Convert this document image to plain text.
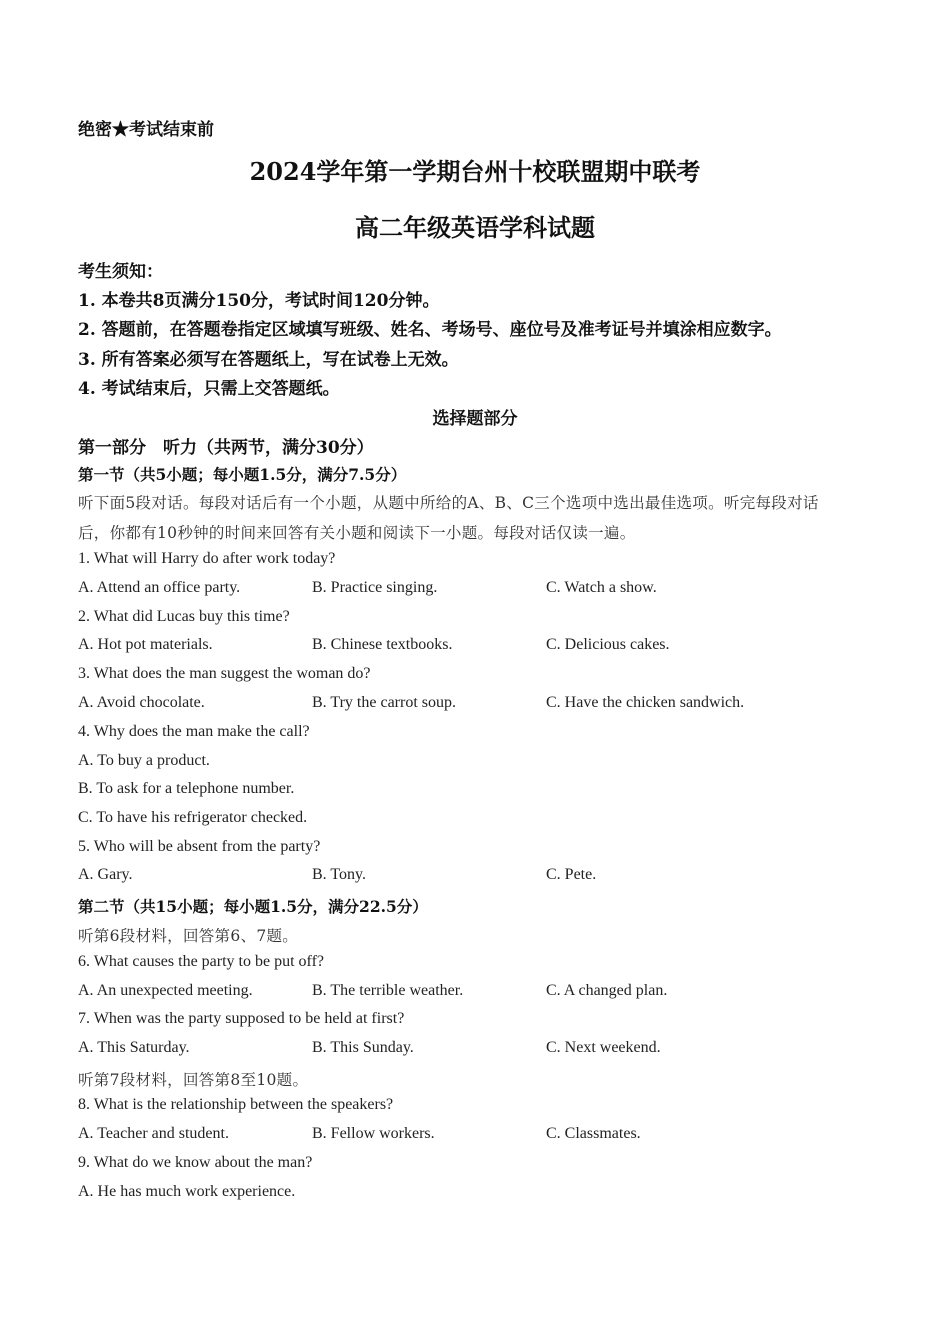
绝密★考试结束前
2024学年第一学期台州十校联盟期中联考
高二年级英语学科试题
考生须知：
1. 本卷共8页满分150分，考试时间120分钟。
2. 答题前，在答题卷指定区域填写班级、姓名、考场号、座位号及准考证号并填涂相应数字。
3. 所有答案必须写在答题纸上，写在试卷上无效。
4. 考试结束后，只需上交答题纸。
选择题部分
第一部分　听力（共两节，满分30分）
第一节（共5小题；每小题1.5分，满分7.5分）
听下面5段对话。每段对话后有一个小题，从题中所给的A、B、C三个选项中选出最佳选项。听完每段对话
后，你都有10秒钟的时间来回答有关小题和阅读下一小题。每段对话仅读一遍。
1. What will Harry do after work today?
A. Attend an office party.	B. Practice singing.	C. Watch a show.
2. What did Lucas buy this time?
A. Hot pot materials.	B. Chinese textbooks.	C. Delicious cakes.
3. What does the man suggest the woman do?
A. Avoid chocolate.	B. Try the carrot soup.	C. Have the chicken sandwich.
4. Why does the man make the call?
A. To buy a product.
B. To ask for a telephone number.
C. To have his refrigerator checked.
5. Who will be absent from the party?
A. Gary.	B. Tony.	C. Pete.
第二节（共15小题；每小题1.5分，满分22.5分）
听第6段材料，回答第6、7题。
6. What causes the party to be put off?
A. An unexpected meeting.	B. The terrible weather.	C. A changed plan.
7. When was the party supposed to be held at first?
A. This Saturday.	B. This Sunday.	C. Next weekend.
听第7段材料，回答第8至10题。
8. What is the relationship between the speakers?
A. Teacher and student.	B. Fellow workers.	C. Classmates.
9. What do we know about the man?
A. He has much work experience.
